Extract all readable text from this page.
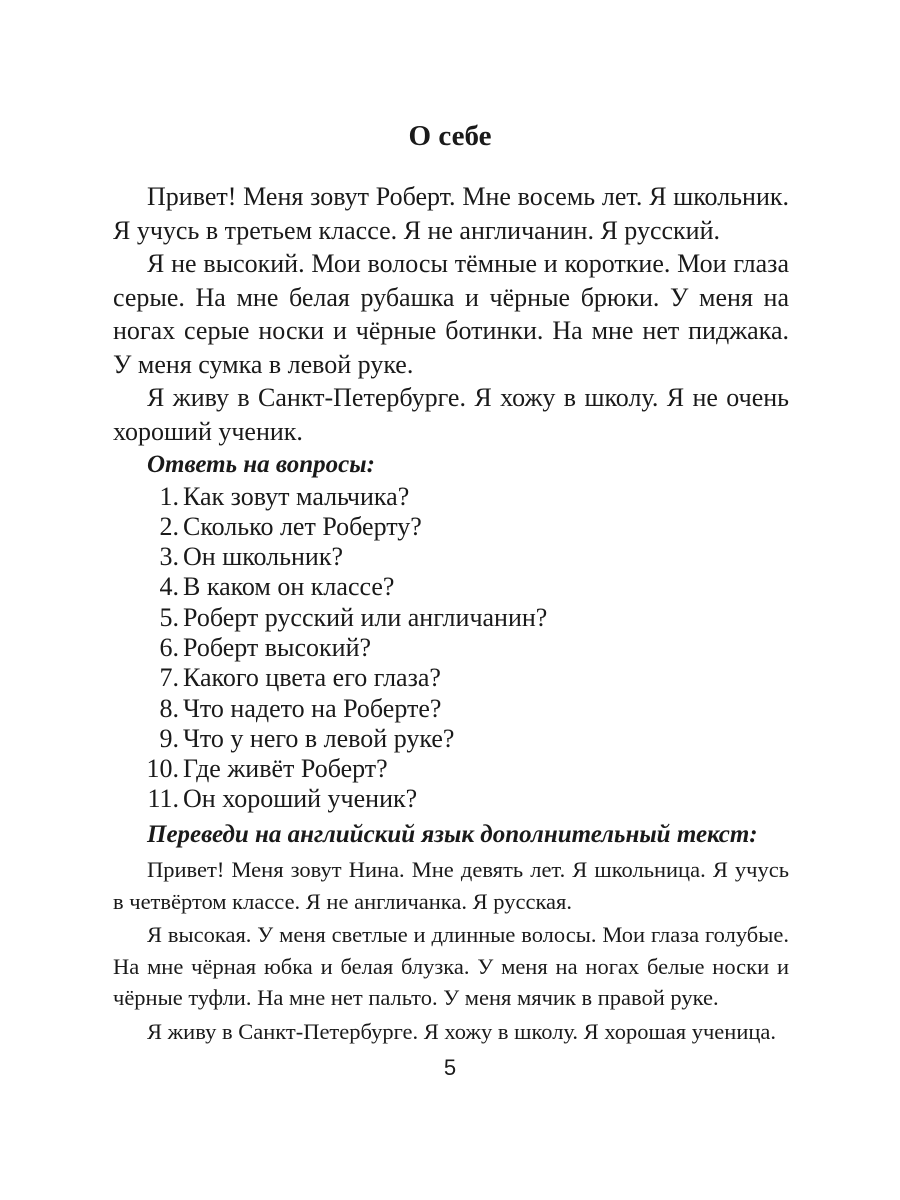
О себе

Привет! Меня зовут Роберт. Мне восемь лет. Я школьник. Я учусь в третьем классе. Я не англичанин. Я русский.

Я не высокий. Мои волосы тёмные и короткие. Мои глаза серые. На мне белая рубашка и чёрные брюки. У меня на ногах серые носки и чёрные ботинки. На мне нет пиджака. У меня сумка в левой руке.

Я живу в Санкт-Петербурге. Я хожу в школу. Я не очень хороший ученик.

Ответь на вопросы:
1. Как зовут мальчика?
2. Сколько лет Роберту?
3. Он школьник?
4. В каком он классе?
5. Роберт русский или англичанин?
6. Роберт высокий?
7. Какого цвета его глаза?
8. Что надето на Роберте?
9. Что у него в левой руке?
10. Где живёт Роберт?
11. Он хороший ученик?
Переведи на английский язык дополнительный текст:

Привет! Меня зовут Нина. Мне девять лет. Я школьница. Я учусь в четвёртом классе. Я не англичанка. Я русская.

Я высокая. У меня светлые и длинные волосы. Мои глаза голубые. На мне чёрная юбка и белая блузка. У меня на ногах белые носки и чёрные туфли. На мне нет пальто. У меня мячик в правой руке.

Я живу в Санкт-Петербурге. Я хожу в школу. Я хорошая ученица.

5
